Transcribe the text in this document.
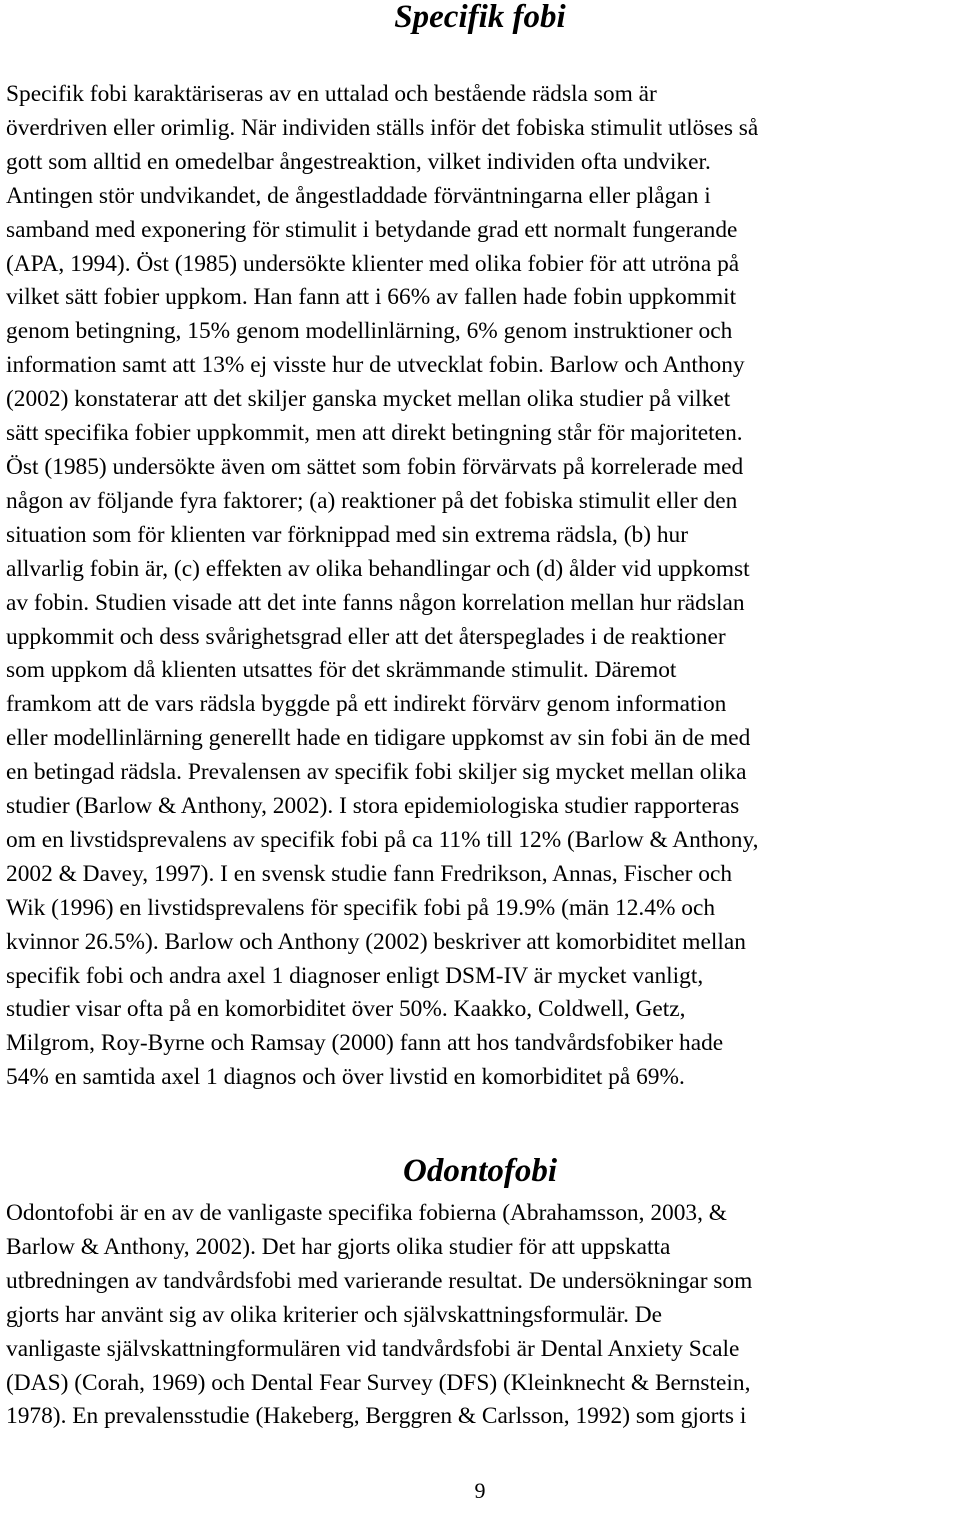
Specifik fobi

Specifik fobi karaktäriseras av en uttalad och bestående rädsla som är
överdriven eller orimlig. När individen ställs inför det fobiska stimulit utlöses så
gott som alltid en omedelbar ångestreaktion, vilket individen ofta undviker.
Antingen stör undvikandet, de ångestladdade förväntningarna eller plågan i
samband med exponering för stimulit i betydande grad ett normalt fungerande
(APA, 1994). Öst (1985) undersökte klienter med olika fobier för att utröna på
vilket sätt fobier uppkom. Han fann att i 66% av fallen hade fobin uppkommit
genom betingning, 15% genom modellinlärning, 6% genom instruktioner och
information samt att 13% ej visste hur de utvecklat fobin. Barlow och Anthony
(2002) konstaterar att det skiljer ganska mycket mellan olika studier på vilket
sätt specifika fobier uppkommit, men att direkt betingning står för majoriteten.
Öst (1985) undersökte även om sättet som fobin förvärvats på korrelerade med
någon av följande fyra faktorer; (a) reaktioner på det fobiska stimulit eller den
situation som för klienten var förknippad med sin extrema rädsla, (b) hur
allvarlig fobin är, (c) effekten av olika behandlingar och (d) ålder vid uppkomst
av fobin. Studien visade att det inte fanns någon korrelation mellan hur rädslan
uppkommit och dess svårighetsgrad eller att det återspeglades i de reaktioner
som uppkom då klienten utsattes för det skrämmande stimulit. Däremot
framkom att de vars rädsla byggde på ett indirekt förvärv genom information
eller modellinlärning generellt hade en tidigare uppkomst av sin fobi än de med
en betingad rädsla. Prevalensen av specifik fobi skiljer sig mycket mellan olika
studier (Barlow & Anthony, 2002). I stora epidemiologiska studier rapporteras
om en livstidsprevalens av specifik fobi på ca 11% till 12% (Barlow & Anthony,
2002 & Davey, 1997). I en svensk studie fann Fredrikson, Annas, Fischer och
Wik (1996) en livstidsprevalens för specifik fobi på 19.9% (män 12.4% och
kvinnor 26.5%). Barlow och Anthony (2002) beskriver att komorbiditet mellan
specifik fobi och andra axel 1 diagnoser enligt DSM-IV är mycket vanligt,
studier visar ofta på en komorbiditet över 50%. Kaakko, Coldwell, Getz,
Milgrom, Roy-Byrne och Ramsay (2000) fann att hos tandvårdsfobiker hade
54% en samtida axel 1 diagnos och över livstid en komorbiditet på 69%.

Odontofobi

Odontofobi är en av de vanligaste specifika fobierna (Abrahamsson, 2003, &
Barlow & Anthony, 2002). Det har gjorts olika studier för att uppskatta
utbredningen av tandvårdsfobi med varierande resultat. De undersökningar som
gjorts har använt sig av olika kriterier och självskattningsformulär. De
vanligaste självskattningformulären vid tandvårdsfobi är Dental Anxiety Scale
(DAS) (Corah, 1969) och Dental Fear Survey (DFS) (Kleinknecht & Bernstein,
1978). En prevalensstudie (Hakeberg, Berggren & Carlsson, 1992) som gjorts i

9
